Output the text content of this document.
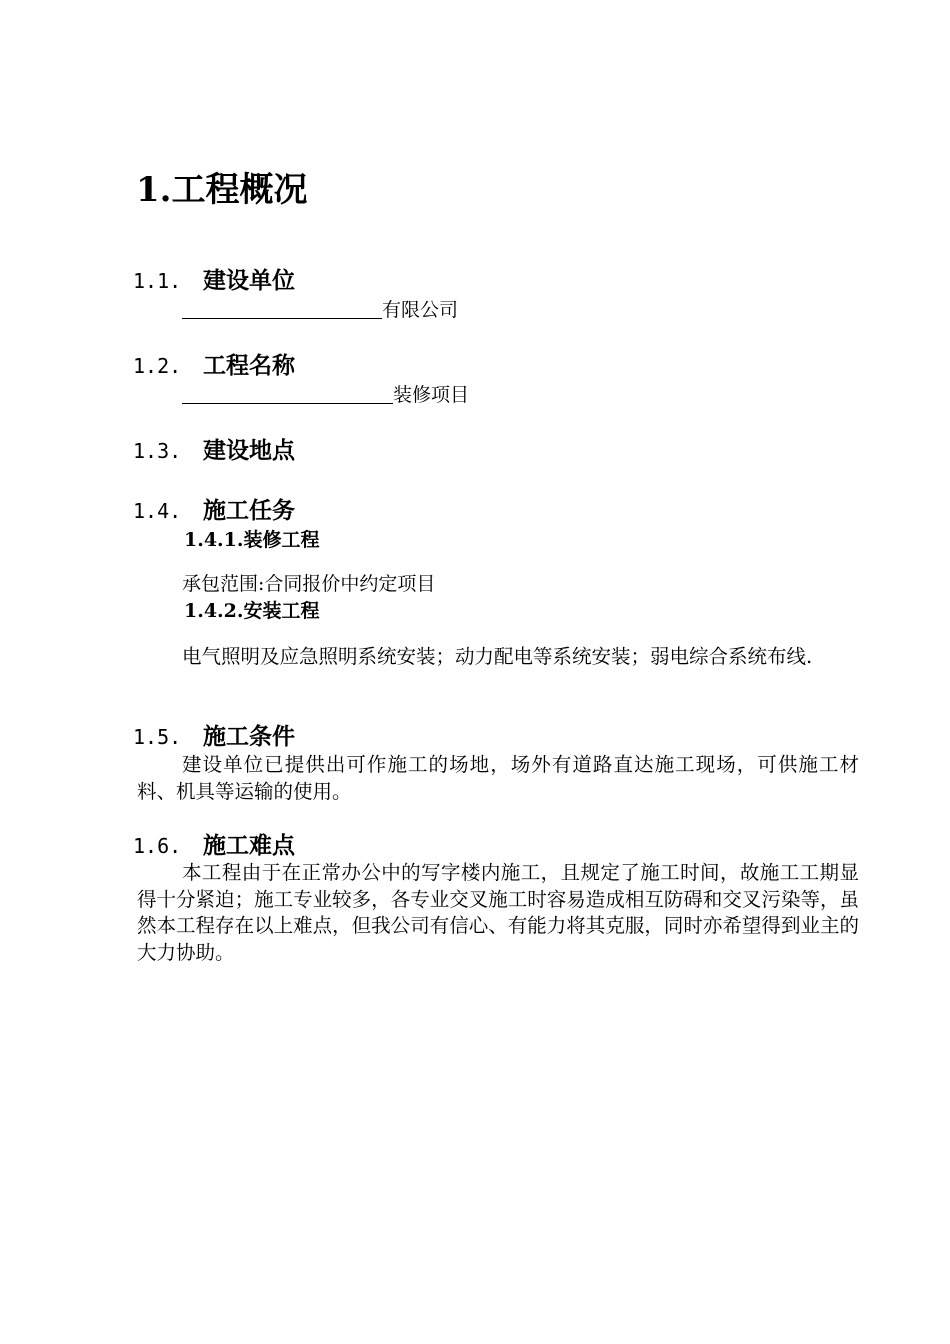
1.工程概况
1.1. 建设单位
有限公司
1.2. 工程名称
装修项目
1.3. 建设地点
1.4. 施工任务
1.4.1.装修工程
承包范围:合同报价中约定项目
1.4.2.安装工程
电气照明及应急照明系统安装；动力配电等系统安装；弱电综合系统布线.
1.5. 施工条件
建设单位已提供出可作施工的场地，场外有道路直达施工现场，可供施工材料、机具等运输的使用。
1.6. 施工难点
本工程由于在正常办公中的写字楼内施工，且规定了施工时间，故施工工期显得十分紧迫；施工专业较多，各专业交叉施工时容易造成相互防碍和交叉污染等，虽然本工程存在以上难点，但我公司有信心、有能力将其克服，同时亦希望得到业主的大力协助。
